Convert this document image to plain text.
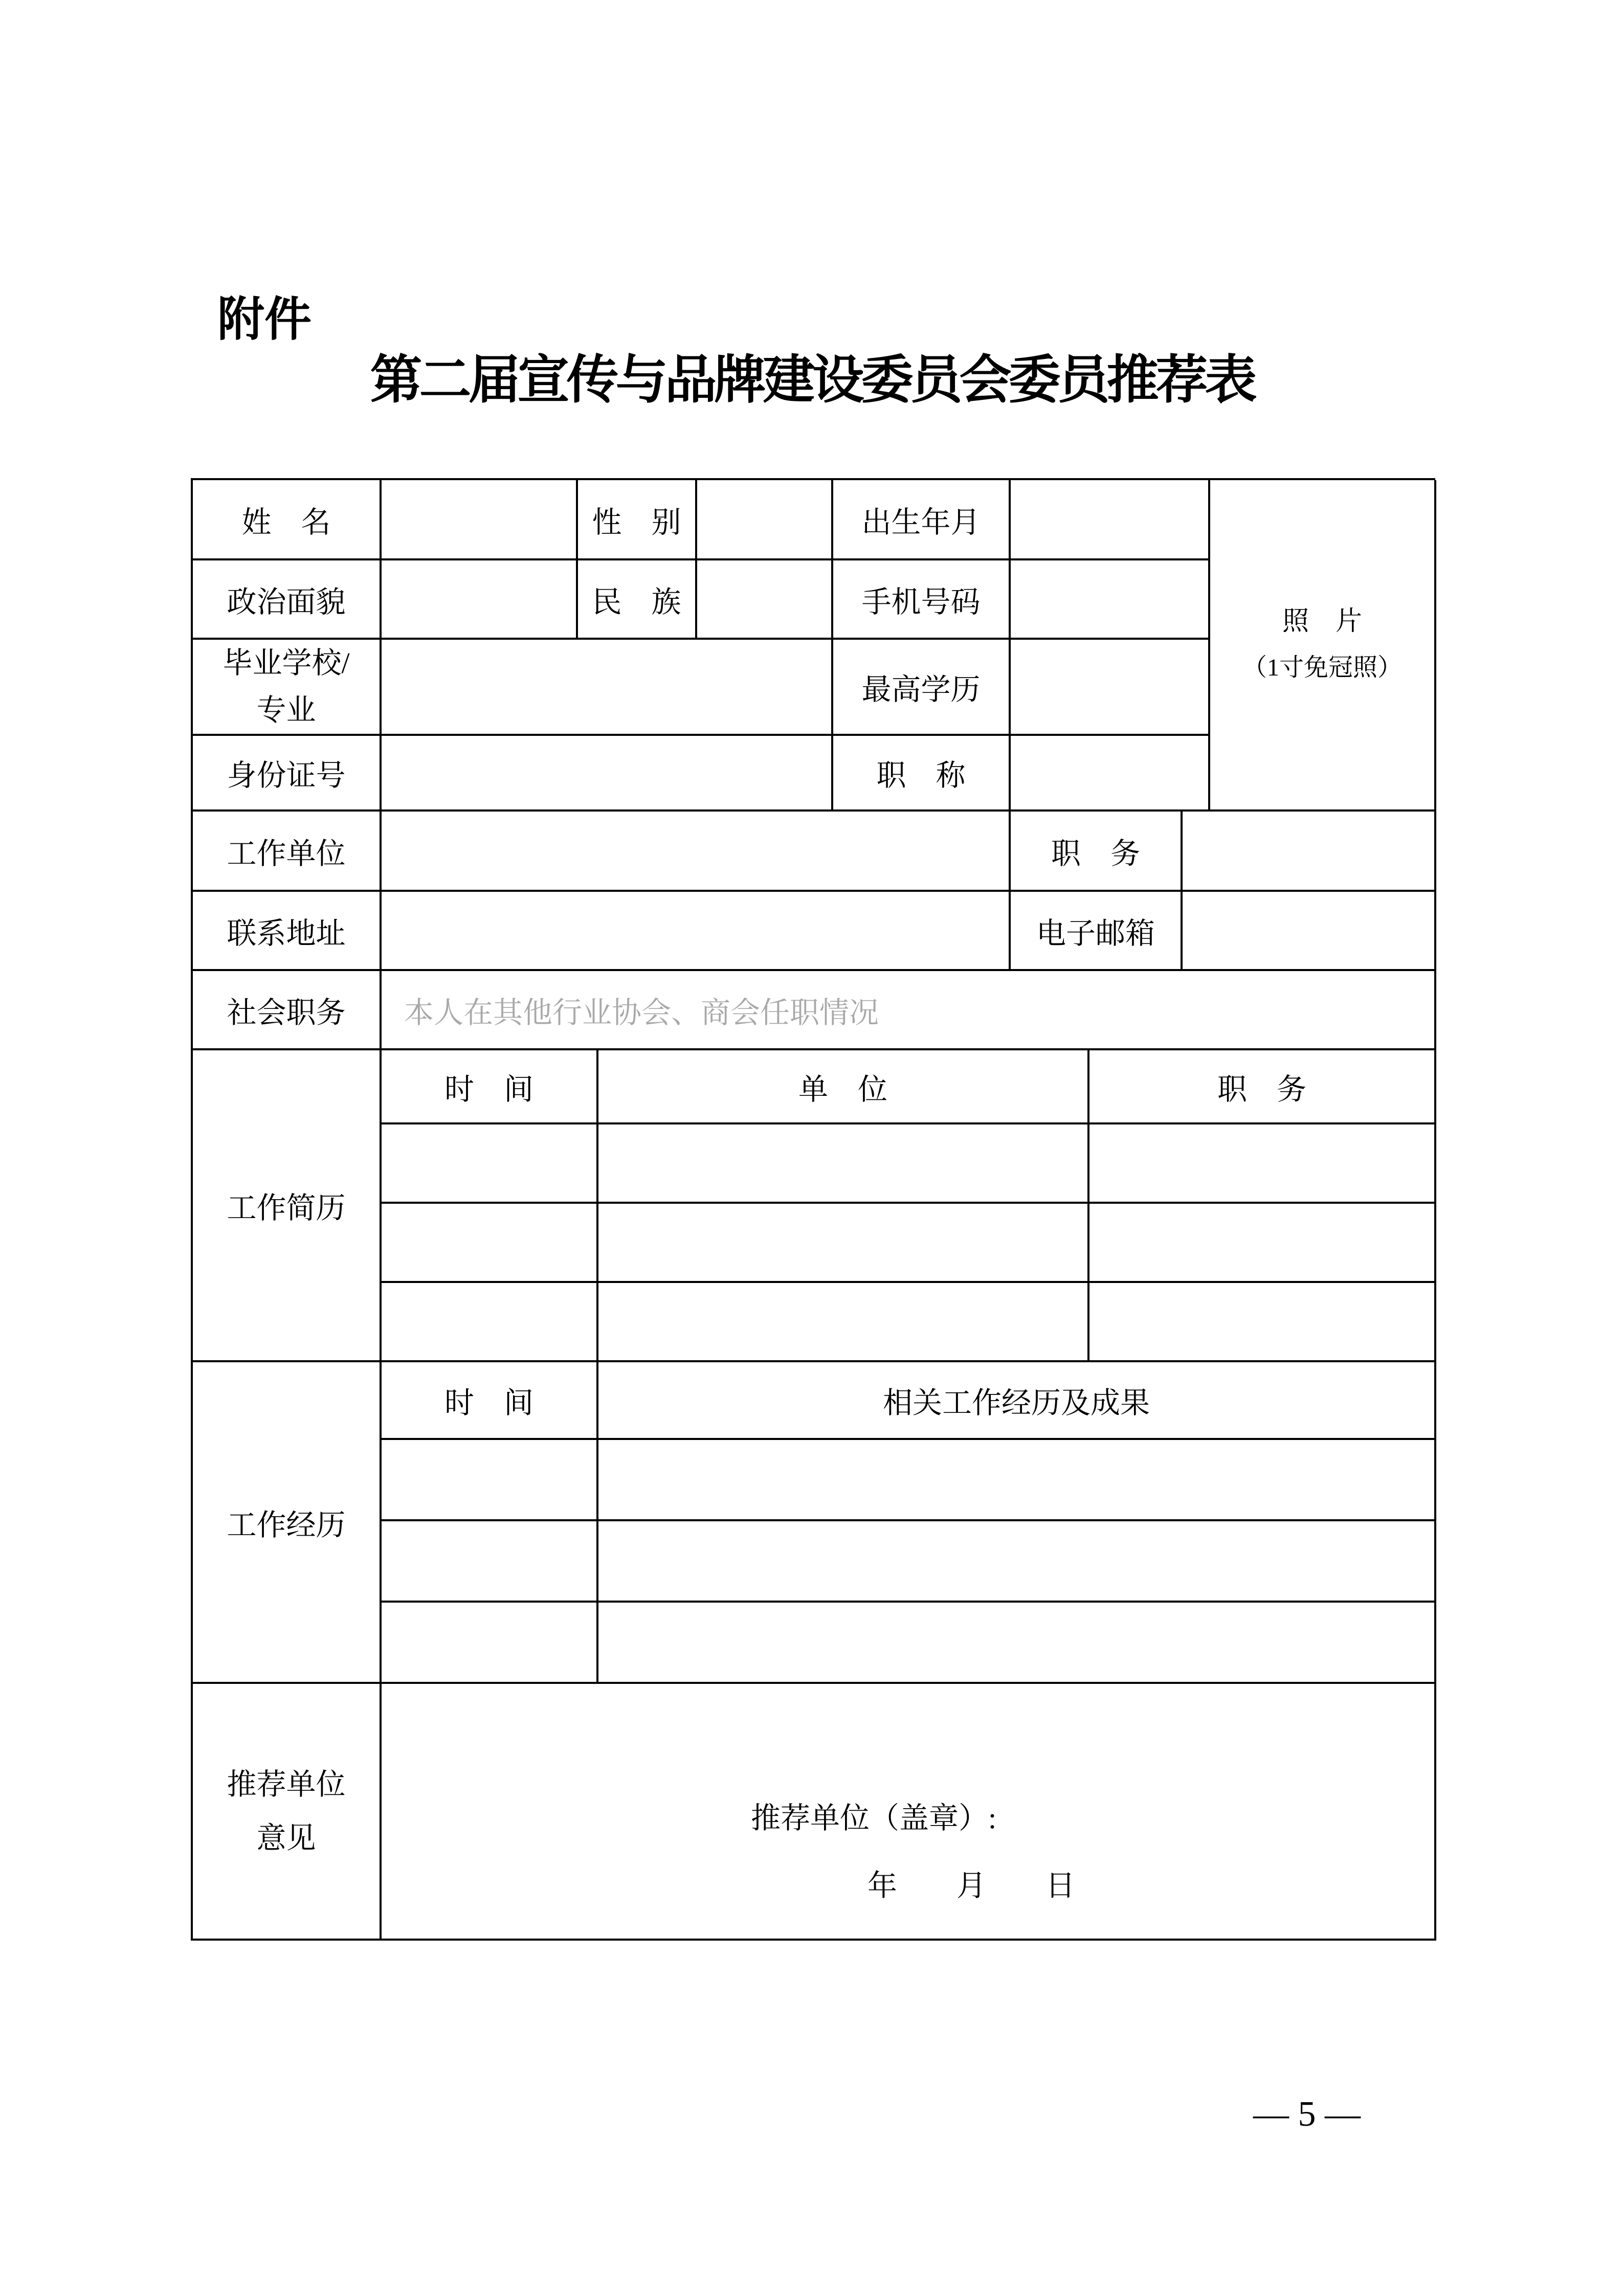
附件
第二届宣传与品牌建设委员会委员推荐表
姓　名		性　别		出生年月		照　片
（1寸免冠照）

政治面貌		民　族		手机号码		

毕业学校/
专业				最高学历		
身份证号				职　称		
工作单位		职　务	
联系地址		电子邮箱	
社会职务	本人在其他行业协会、商会任职情况
工作简历	时　间	单　位	职　务

工作经历	时　间	相关工作经历及成果

推荐单位
意见

推荐单位（盖章）:
年　　月　　日
— 5 —
